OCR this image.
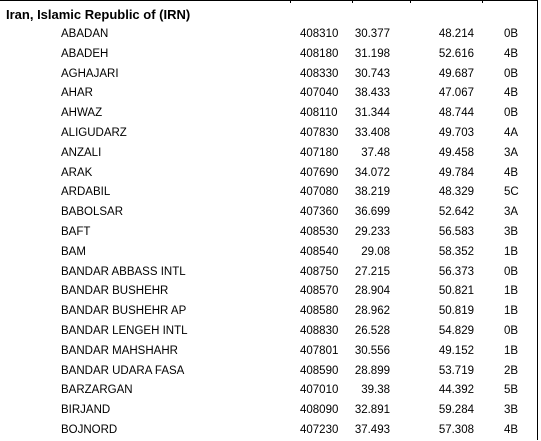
Iran, Islamic Republic of (IRN)
ABADAN	408310 30.377	48.214	0B
ABADEH	408180 31.198	52.616	4B
AGHAJARI	408330 30.743	49.687	0B
AHAR	407040 38.433	47.067	4B
AHWAZ	408110 31.344	48.744	0B
ALIGUDARZ	407830 33.408	49.703	4A
ANZALI	407180 37.48	49.458	3A
ARAK	407690 34.072	49.784	4B
ARDABIL	407080 38.219	48.329	5C
BABOLSAR	407360 36.699	52.642	3A
BAFT	408530 29.233	56.583	3B
BAM	408540 29.08	58.352	1B
BANDAR ABBASS INTL	408750 27.215	56.373	0B
BANDAR BUSHEHR	408570 28.904	50.821	1B
BANDAR BUSHEHR AP	408580 28.962	50.819	1B
BANDAR LENGEH INTL	408830 26.528	54.829	0B
BANDAR MAHSHAHR	407801 30.556	49.152	1B
BANDAR UDARA FASA	408590 28.899	53.719	2B
BARZARGAN	407010 39.38	44.392	5B
BIRJAND	408090 32.891	59.284	3B
BOJNORD	407230 37.493	57.308	4B
